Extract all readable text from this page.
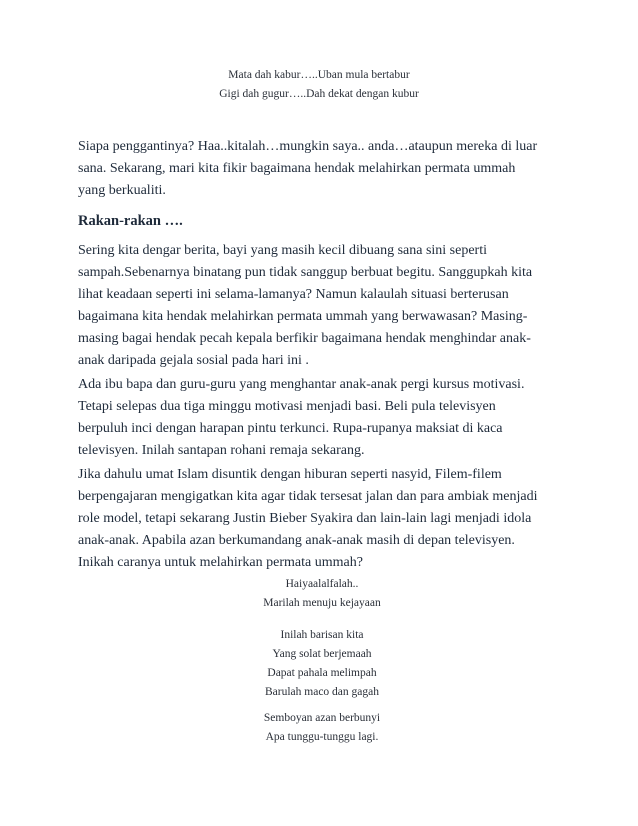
Mata dah kabur…..Uban mula bertabur
Gigi dah gugur…..Dah dekat dengan kubur
Siapa penggantinya? Haa..kitalah…mungkin saya.. anda…ataupun mereka di luar
sana. Sekarang, mari kita fikir bagaimana hendak melahirkan permata ummah
yang berkualiti.
Rakan-rakan ….
Sering kita dengar berita, bayi yang masih kecil dibuang sana sini seperti
sampah.Sebenarnya binatang pun tidak sanggup berbuat begitu. Sanggupkah kita
lihat keadaan seperti ini selama-lamanya? Namun kalaulah situasi berterusan
bagaimana kita hendak melahirkan permata ummah yang berwawasan? Masing-
masing bagai hendak pecah kepala berfikir bagaimana hendak menghindar anak-
anak daripada gejala sosial pada hari ini .
Ada ibu bapa dan guru-guru yang menghantar anak-anak pergi kursus motivasi.
Tetapi selepas dua tiga minggu motivasi menjadi basi. Beli pula televisyen
berpuluh inci dengan harapan pintu terkunci. Rupa-rupanya maksiat di kaca
televisyen. Inilah santapan rohani remaja sekarang.
Jika dahulu umat Islam disuntik dengan hiburan seperti nasyid, Filem-filem
berpengajaran mengigatkan kita agar tidak tersesat jalan dan para ambiak menjadi
role model, tetapi sekarang Justin Bieber Syakira dan lain-lain lagi menjadi idola
anak-anak. Apabila azan berkumandang anak-anak masih di depan televisyen.
Inikah caranya untuk melahirkan permata ummah?
Haiyaalalfalah..
Marilah menuju kejayaan
Inilah barisan kita
Yang solat berjemaah
Dapat pahala melimpah
Barulah maco dan gagah
Semboyan azan berbunyi
Apa tunggu-tunggu lagi.
